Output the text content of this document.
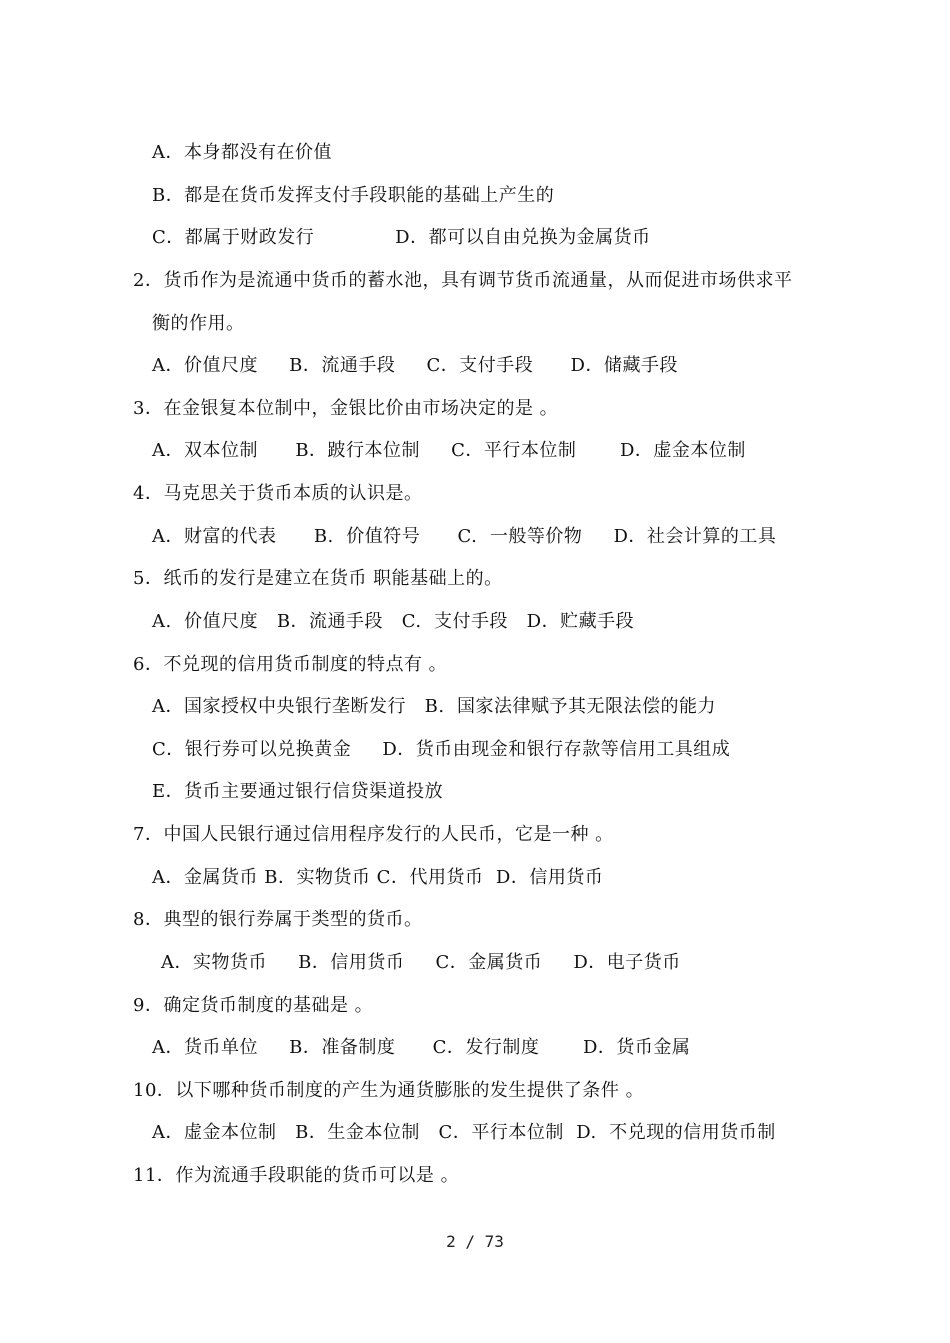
A．本身都没有在价值
B．都是在货币发挥支付手段职能的基础上产生的
C．都属于财政发行             D．都可以自由兑换为金属货币
2．货币作为是流通中货币的蓄水池，具有调节货币流通量，从而促进市场供求平
衡的作用。
A．价值尺度     B．流通手段     C．支付手段      D．储藏手段
3．在金银复本位制中，金银比价由市场决定的是 。
A．双本位制      B．跛行本位制     C．平行本位制       D．虚金本位制
4．马克思关于货币本质的认识是。
A．财富的代表      B.  价值符号      C.  一般等价物     D．社会计算的工具
5．纸币的发行是建立在货币 职能基础上的。
A.  价值尺度   B．流通手段   C.  支付手段   D．贮藏手段
6．不兑现的信用货币制度的特点有 。
A．国家授权中央银行垄断发行   B.  国家法律赋予其无限法偿的能力
C．银行券可以兑换黄金     D．货币由现金和银行存款等信用工具组成
E．货币主要通过银行信贷渠道投放
7．中国人民银行通过信用程序发行的人民币，它是一种 。
A．金属货币 B．实物货币 C．代用货币  D．信用货币
8．典型的银行券属于类型的货币。
A．实物货币     B．信用货币     C．金属货币     D．电子货币
9．确定货币制度的基础是 。
A．货币单位     B．准备制度      C．发行制度       D．货币金属
10．以下哪种货币制度的产生为通货膨胀的发生提供了条件 。
A．虚金本位制   B．生金本位制   C．平行本位制  D.  不兑现的信用货币制
11．作为流通手段职能的货币可以是 。
2 / 73
